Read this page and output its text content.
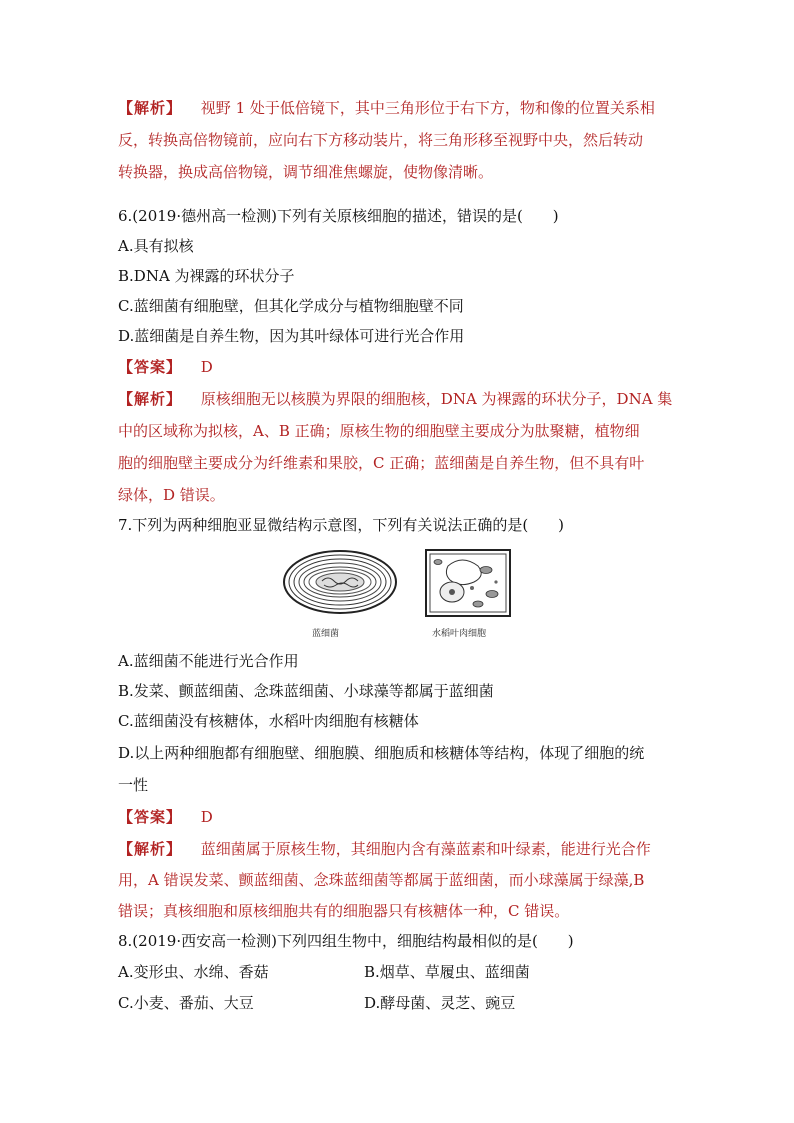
【解析】 视野 1 处于低倍镜下，其中三角形位于右下方，物和像的位置关系相
反，转换高倍物镜前，应向右下方移动装片，将三角形移至视野中央，然后转动
转换器，换成高倍物镜，调节细准焦螺旋，使物像清晰。
6.(2019·德州高一检测)下列有关原核细胞的描述，错误的是(　　)
A.具有拟核
B.DNA 为裸露的环状分子
C.蓝细菌有细胞壁，但其化学成分与植物细胞壁不同
D.蓝细菌是自养生物，因为其叶绿体可进行光合作用
【答案】 D
【解析】 原核细胞无以核膜为界限的细胞核，DNA 为裸露的环状分子，DNA 集
中的区域称为拟核，A、B 正确；原核生物的细胞壁主要成分为肽聚糖，植物细
胞的细胞壁主要成分为纤维素和果胶，C 正确；蓝细菌是自养生物，但不具有叶
绿体，D 错误。
7.下列为两种细胞亚显微结构示意图，下列有关说法正确的是(　　)
蓝细菌	水稻叶肉细胞
A.蓝细菌不能进行光合作用
B.发菜、颤蓝细菌、念珠蓝细菌、小球藻等都属于蓝细菌
C.蓝细菌没有核糖体，水稻叶肉细胞有核糖体
D.以上两种细胞都有细胞壁、细胞膜、细胞质和核糖体等结构，体现了细胞的统
一性
【答案】 D
【解析】 蓝细菌属于原核生物，其细胞内含有藻蓝素和叶绿素，能进行光合作
用，A 错误发菜、颤蓝细菌、念珠蓝细菌等都属于蓝细菌，而小球藻属于绿藻,B
错误；真核细胞和原核细胞共有的细胞器只有核糖体一种，C 错误。
8.(2019·西安高一检测)下列四组生物中，细胞结构最相似的是(　　)
A.变形虫、水绵、香菇	B.烟草、草履虫、蓝细菌
C.小麦、番茄、大豆	D.酵母菌、灵芝、豌豆
